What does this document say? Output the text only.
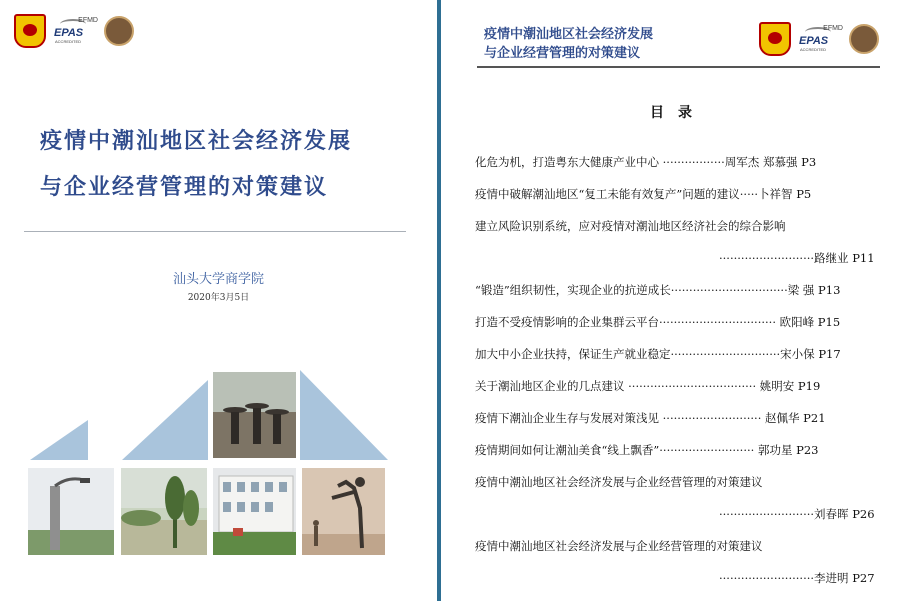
EFMD
EPAS
ACCREDITED
疫情中潮汕地区社会经济发展
与企业经营管理的对策建议
汕头大学商学院
2020年3月5日
疫情中潮汕地区社会经济发展
与企业经营管理的对策建议
EFMD
EPAS
ACCREDITED
目录
化危为机，打造粤东大健康产业中心 ·················周军杰 郑慕强 P3
疫情中破解潮汕地区“复工未能有效复产”问题的建议·····卜祥智 P5
建立风险识别系统，应对疫情对潮汕地区经济社会的综合影响
··························路继业 P11
“锻造”组织韧性，实现企业的抗逆成长································梁 强 P13
打造不受疫情影响的企业集群云平台································ 欧阳峰 P15
加大中小企业扶持，保证生产就业稳定······························宋小保 P17
关于潮汕地区企业的几点建议 ··································· 姚明安 P19
疫情下潮汕企业生存与发展对策浅见 ··························· 赵佩华 P21
疫情期间如何让潮汕美食“线上飘香”·························· 郭功星 P23
疫情中潮汕地区社会经济发展与企业经营管理的对策建议
··························刘春晖 P26
疫情中潮汕地区社会经济发展与企业经营管理的对策建议
··························李进明 P27
